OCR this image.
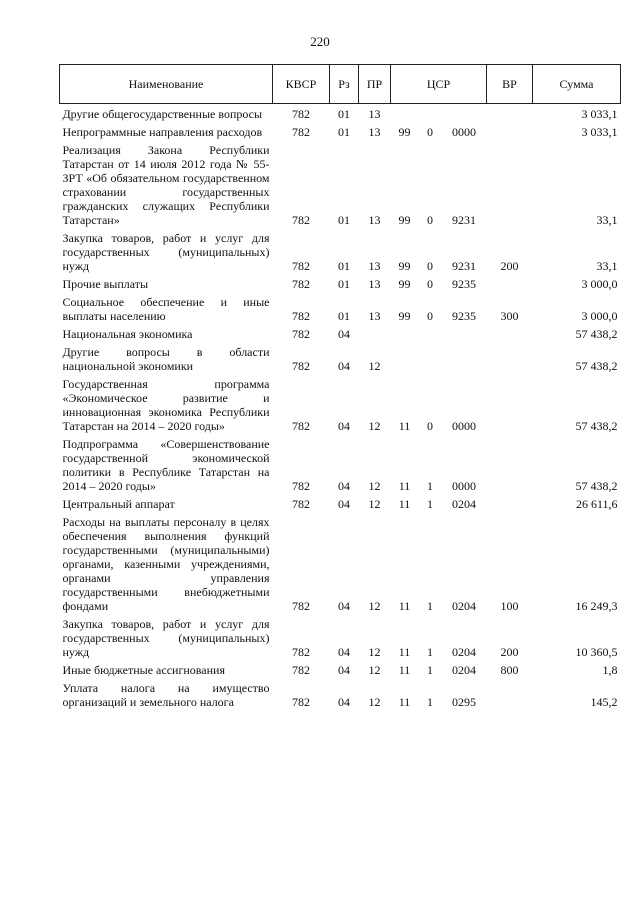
220
Наименование	КВСР	Рз	ПР	ЦСР			ВР	Сумма
Другие общегосударственные вопросы	782	01	13					3 033,1
Непрограммные направления расходов	782	01	13	99	0	0000		3 033,1
Реализация Закона Республики Татарстан от 14 июля 2012 года № 55-ЗРТ «Об обязательном государственном страховании государственных гражданских служащих Республики Татарстан»	782	01	13	99	0	9231		33,1
Закупка товаров, работ и услуг для государственных (муниципальных) нужд	782	01	13	99	0	9231	200	33,1
Прочие выплаты	782	01	13	99	0	9235		3 000,0
Социальное обеспечение и иные выплаты населению	782	01	13	99	0	9235	300	3 000,0
Национальная экономика	782	04						57 438,2
Другие вопросы в области национальной экономики	782	04	12					57 438,2
Государственная программа «Экономическое развитие и инновационная экономика Республики Татарстан на 2014 – 2020 годы»	782	04	12	11	0	0000		57 438,2
Подпрограмма «Совершенствование государственной экономической политики в Республике Татарстан на 2014 – 2020 годы»	782	04	12	11	1	0000		57 438,2
Центральный аппарат	782	04	12	11	1	0204		26 611,6
Расходы на выплаты персоналу в целях обеспечения выполнения функций государственными (муниципальными) органами, казенными учреждениями, органами управления государственными внебюджетными фондами	782	04	12	11	1	0204	100	16 249,3
Закупка товаров, работ и услуг для государственных (муниципальных) нужд	782	04	12	11	1	0204	200	10 360,5
Иные бюджетные ассигнования	782	04	12	11	1	0204	800	1,8
Уплата налога на имущество организаций и земельного налога	782	04	12	11	1	0295		145,2
